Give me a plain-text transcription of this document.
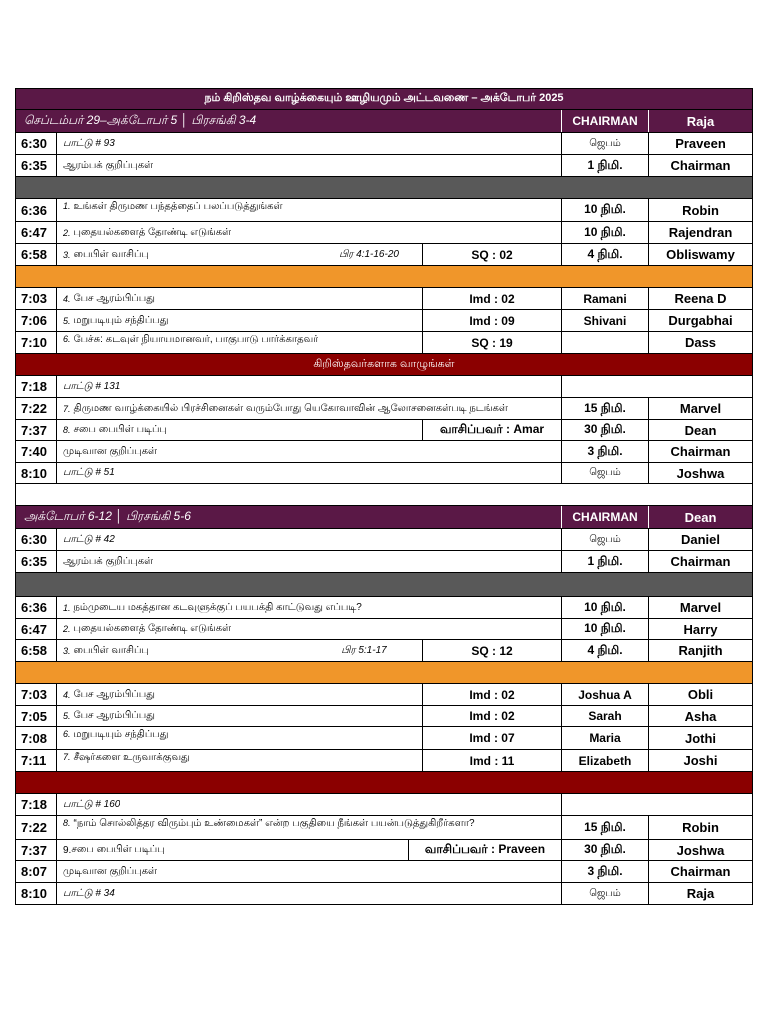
நம் கிறிஸ்தவ வாழ்க்கையும் ஊழியமும் அட்டவணை – அக்டோபர் 2025
செப்டம்பர் 29–அக்டோபர் 5 │ பிரசங்கி 3-4	CHAIRMAN	Raja
6:30	பாட்டு # 93	ஜெபம்	Praveen
6:35	ஆரம்பக் குறிப்புகள்	1 நிமி.	Chairman
6:36	1. உங்கள் திருமண பந்தத்தைப் பலப்படுத்துங்கள்	10 நிமி.	Robin
6:47	2. புதையல்களைத் தோண்டி எடுங்கள்	10 நிமி.	Rajendran
6:58	3. பைபிள் வாசிப்பு	பிர 4:1-16-20	SQ : 02	4 நிமி.	Obliswamy
7:03	4. பேச ஆரம்பிப்பது	Imd : 02	Ramani	Reena D
7:06	5. மறுபடியும் சந்திப்பது	Imd : 09	Shivani	Durgabhai
7:10	6. பேச்சு: கடவுள் நியாயமானவர், பாகுபாடு பார்க்காதவர்	SQ : 19	Dass
கிறிஸ்தவர்களாக வாழுங்கள்
7:18	பாட்டு # 131
7:22	7. திருமண வாழ்க்கையில் பிரச்சினைகள் வரும்போது யெகோவாவின் ஆலோசனைகள்படி நடங்கள்	15 நிமி.	Marvel
7:37	8. சபை பைபிள் படிப்பு	வாசிப்பவர் : Amar	30 நிமி.	Dean
7:40	முடிவான குறிப்புகள்	3 நிமி.	Chairman
8:10	பாட்டு # 51	ஜெபம்	Joshwa
அக்டோபர் 6-12 │ பிரசங்கி 5-6	CHAIRMAN	Dean
6:30	பாட்டு # 42	ஜெபம்	Daniel
6:35	ஆரம்பக் குறிப்புகள்	1 நிமி.	Chairman
6:36	1. நம்முடைய மகத்தான கடவுளுக்குப் பயபக்தி காட்டுவது எப்படி?	10 நிமி.	Marvel
6:47	2. புதையல்களைத் தோண்டி எடுங்கள்	10 நிமி.	Harry
6:58	3. பைபிள் வாசிப்பு	பிர 5:1-17	SQ : 12	4 நிமி.	Ranjith
7:03	4. பேச ஆரம்பிப்பது	Imd : 02	Joshua A	Obli
7:05	5. பேச ஆரம்பிப்பது	Imd : 02	Sarah	Asha
7:08	6. மறுபடியும் சந்திப்பது	Imd : 07	Maria	Jothi
7:11	7. சீஷர்களை உருவாக்குவது	Imd : 11	Elizabeth	Joshi
7:18	பாட்டு # 160
7:22	8. “நாம் சொல்லித்தர விரும்பும் உண்மைகள்” என்ற பகுதியை நீங்கள் பயன்படுத்துகிறீர்களா?	15 நிமி.	Robin
7:37	9. சபை பைபிள் படிப்பு	வாசிப்பவர் : Praveen	30 நிமி.	Joshwa
8:07	முடிவான குறிப்புகள்	3 நிமி.	Chairman
8:10	பாட்டு # 34	ஜெபம்	Raja
